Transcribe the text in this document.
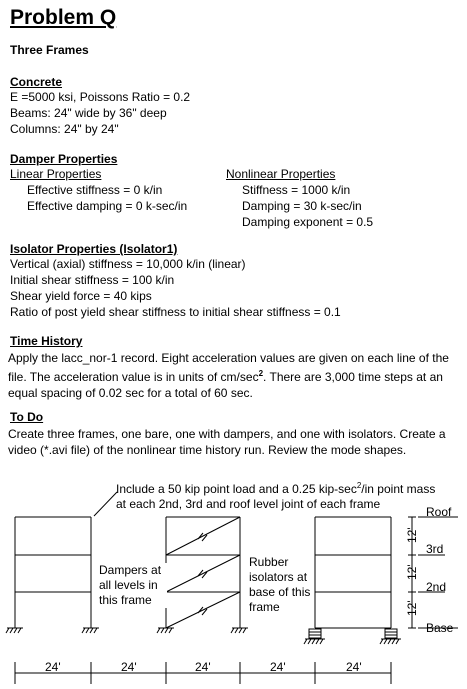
Problem Q
Three Frames
Concrete
E =5000 ksi, Poissons Ratio = 0.2
Beams: 24" wide by 36" deep
Columns: 24" by 24"
Damper Properties
Linear Properties
Effective stiffness = 0 k/in
Effective damping = 0 k-sec/in
Nonlinear Properties
Stiffness = 1000 k/in
Damping = 30 k-sec/in
Damping exponent = 0.5
Isolator Properties (Isolator1)
Vertical (axial) stiffness = 10,000 k/in (linear)
Initial shear stiffness = 100 k/in
Shear yield force = 40 kips
Ratio of post yield shear stiffness to initial shear stiffness = 0.1
Time History
Apply the lacc_nor-1 record. Eight acceleration values are given on each line of the file. The acceleration value is in units of $cm/\sec^2$. There are 3,000 time steps at an equal spacing of 0.02 sec for a total of 60 sec.
To Do
Create three frames, one bare, one with dampers, and one with isolators. Create a video (*.avi file) of the nonlinear time history run. Review the mode shapes.
12'
12'
12'
Roof
3rd
2nd
Base
24'	24'	24'	24'	24'
Include a 50 kip point load and a 0.25 kip-$\sec^2/in$ point mass at each 2nd, 3rd and roof level joint of each frame
Dampers at all levels in this frame
Rubber isolators at base of this frame
